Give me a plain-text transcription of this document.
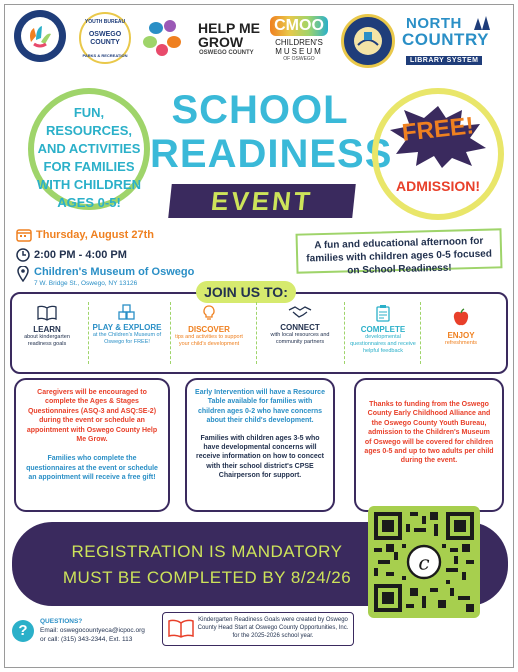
YOUTH BUREAU
OSWEGO COUNTY
PARKS & RECREATION
HELP ME
GROW
OSWEGO COUNTY
CMOO
CHILDREN'S
MUSEUM
OF OSWEGO
NORTH
COUNTRY
LIBRARY SYSTEM
FUN,
RESOURCES,
AND ACTIVITIES
FOR FAMILIES
WITH CHILDREN
AGES 0-5!
SCHOOL
READINESS
EVENT
FREE!
ADMISSION!
Thursday, August 27th
2:00 PM - 4:00 PM
Children's Museum of Oswego
7 W. Bridge St., Oswego, NY 13126
A fun and educational afternoon for families with children ages 0-5 focused on School Readiness!
JOIN US TO:
LEARN
about kindergarten readiness goals
PLAY & EXPLORE
at the Children's Museum of Oswego for FREE!
DISCOVER
tips and activities to support your child's development
CONNECT
with local resources and community partners
COMPLETE
developmental questionnaires and receive helpful feedback
ENJOY
refreshments
Caregivers will be encouraged to complete the Ages & Stages Questionnaires (ASQ-3 and ASQ:SE-2) during the event or schedule an appointment with Oswego County Help Me Grow.
Families who complete the questionnaires at the event or schedule an appointment will receive a free gift!
Early Intervention will have a Resource Table available for families with children ages 0-2 who have concerns about their child's development.
Families with children ages 3-5 who have developmental concerns will receive information on how to concect with their school district's CPSE Chairperson for support.
Thanks to funding from the Oswego County Early Childhood Alliance and the Oswego County Youth Bureau, admission to the Children's Museum of Oswego will be covered for children ages 0-5 and up to two adults per child during the event.
REGISTRATION IS MANDATORY
MUST BE COMPLETED BY 8/24/26
c
?
QUESTIONS?
Email: oswegocountyeca@icpoc.org
or call: (315) 343-2344, Ext. 113
Kindergarten Readiness Goals were created by Oswego County Head Start at Oswego County Opportunities, Inc. for the 2025-2026 school year.
